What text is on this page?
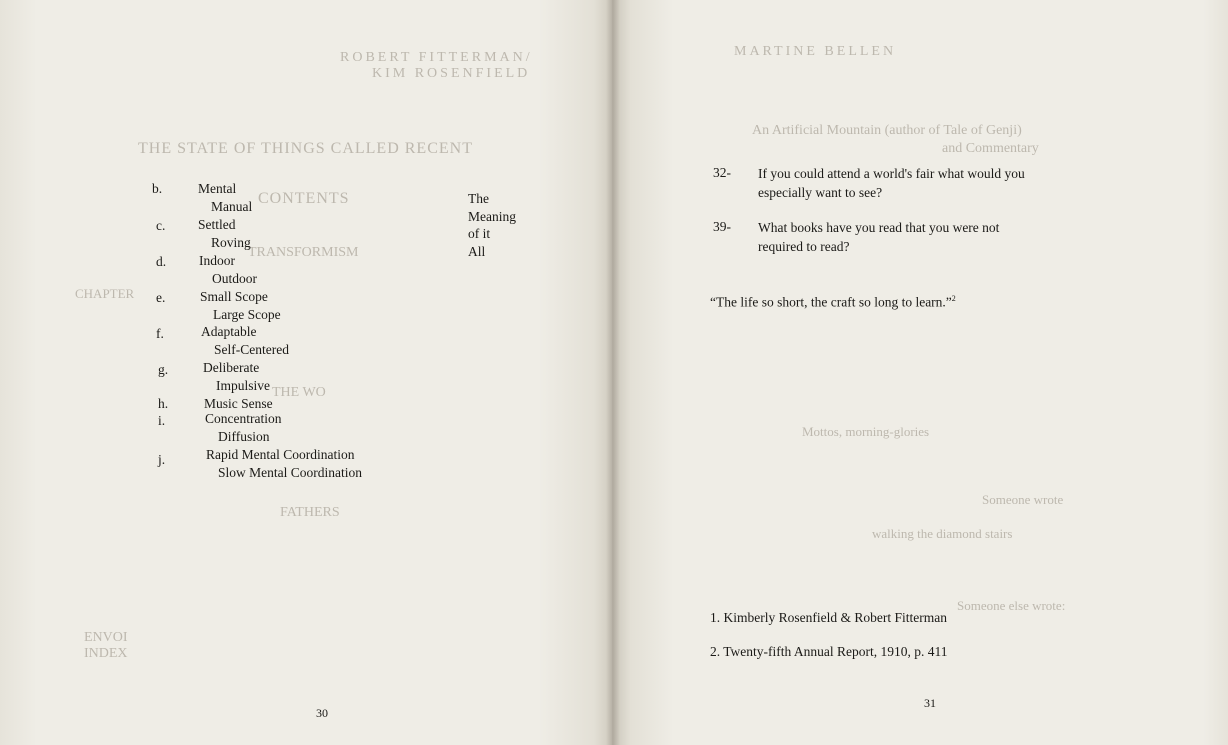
ROBERT FITTERMAN/
KIM ROSENFIELD
THE STATE OF THINGS CALLED RECENT
CONTENTS
TRANSFORMISM
CHAPTER
THE WO
FATHERS
ENVOI
INDEX
b.
c.
d.
e.
f.
g.
h.
i.
j.
Mental
Manual
Settled
Roving
Indoor
Outdoor
Small Scope
Large Scope
Adaptable
Self-Centered
Deliberate
Impulsive
Music Sense
Concentration
Diffusion
Rapid Mental Coordination
Slow Mental Coordination
The
Meaning
of it
All
30
MARTINE BELLEN
An Artificial Mountain (author of Tale of Genji)
and Commentary
Mottos, morning-glories
Someone wrote
walking the diamond stairs
Someone else wrote:
32- If you could attend a world's fair what would you especially want to see?
39- What books have you read that you were not required to read?
“The life so short, the craft so long to learn.”$^2$
1. Kimberly Rosenfield & Robert Fitterman
2. Twenty-fifth Annual Report, 1910, p. 411
31
